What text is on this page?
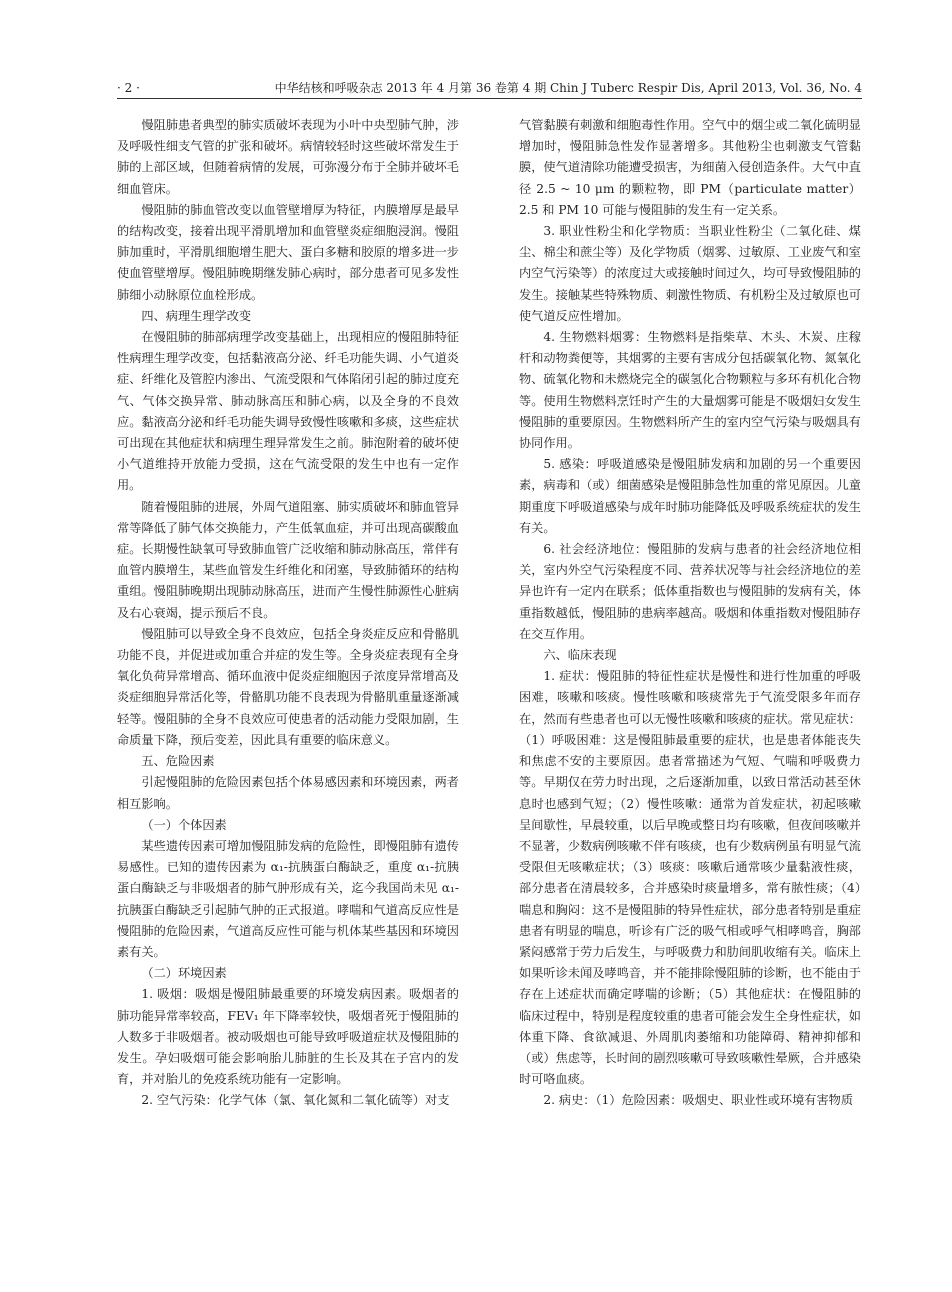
· 2 ·	中华结核和呼吸杂志 2013 年 4 月第 36 卷第 4 期 Chin J Tuberc Respir Dis, April 2013, Vol. 36, No. 4

慢阻肺患者典型的肺实质破坏表现为小叶中央型肺气肿，涉及呼吸性细支气管的扩张和破坏。病情较轻时这些破坏常发生于肺的上部区域，但随着病情的发展，可弥漫分布于全肺并破坏毛细血管床。

慢阻肺的肺血管改变以血管壁增厚为特征，内膜增厚是最早的结构改变，接着出现平滑肌增加和血管壁炎症细胞浸润。慢阻肺加重时，平滑肌细胞增生肥大、蛋白多糖和胶原的增多进一步使血管壁增厚。慢阻肺晚期继发肺心病时，部分患者可见多发性肺细小动脉原位血栓形成。

四、病理生理学改变

在慢阻肺的肺部病理学改变基础上，出现相应的慢阻肺特征性病理生理学改变，包括黏液高分泌、纤毛功能失调、小气道炎症、纤维化及管腔内渗出、气流受限和气体陷闭引起的肺过度充气、气体交换异常、肺动脉高压和肺心病，以及全身的不良效应。黏液高分泌和纤毛功能失调导致慢性咳嗽和多痰，这些症状可出现在其他症状和病理生理异常发生之前。肺泡附着的破坏使小气道维持开放能力受损，这在气流受限的发生中也有一定作用。

随着慢阻肺的进展，外周气道阻塞、肺实质破坏和肺血管异常等降低了肺气体交换能力，产生低氧血症，并可出现高碳酸血症。长期慢性缺氧可导致肺血管广泛收缩和肺动脉高压，常伴有血管内膜增生，某些血管发生纤维化和闭塞，导致肺循环的结构重组。慢阻肺晚期出现肺动脉高压，进而产生慢性肺源性心脏病及右心衰竭，提示预后不良。

慢阻肺可以导致全身不良效应，包括全身炎症反应和骨骼肌功能不良，并促进或加重合并症的发生等。全身炎症表现有全身氧化负荷异常增高、循环血液中促炎症细胞因子浓度异常增高及炎症细胞异常活化等，骨骼肌功能不良表现为骨骼肌重量逐渐减轻等。慢阻肺的全身不良效应可使患者的活动能力受限加剧，生命质量下降，预后变差，因此具有重要的临床意义。

五、危险因素

引起慢阻肺的危险因素包括个体易感因素和环境因素，两者相互影响。

（一）个体因素

某些遗传因素可增加慢阻肺发病的危险性，即慢阻肺有遗传易感性。已知的遗传因素为 α₁-抗胰蛋白酶缺乏，重度 α₁-抗胰蛋白酶缺乏与非吸烟者的肺气肿形成有关，迄今我国尚未见 α₁-抗胰蛋白酶缺乏引起肺气肿的正式报道。哮喘和气道高反应性是慢阻肺的危险因素，气道高反应性可能与机体某些基因和环境因素有关。

（二）环境因素

1. 吸烟：吸烟是慢阻肺最重要的环境发病因素。吸烟者的肺功能异常率较高，FEV₁ 年下降率较快，吸烟者死于慢阻肺的人数多于非吸烟者。被动吸烟也可能导致呼吸道症状及慢阻肺的发生。孕妇吸烟可能会影响胎儿肺脏的生长及其在子宫内的发育，并对胎儿的免疫系统功能有一定影响。

2. 空气污染：化学气体（氯、氧化氮和二氧化硫等）对支

气管黏膜有刺激和细胞毒性作用。空气中的烟尘或二氧化硫明显增加时，慢阻肺急性发作显著增多。其他粉尘也刺激支气管黏膜，使气道清除功能遭受损害，为细菌入侵创造条件。大气中直径 2.5 ~ 10 μm 的颗粒物，即 PM（particulate matter）2.5 和 PM 10 可能与慢阻肺的发生有一定关系。

3. 职业性粉尘和化学物质：当职业性粉尘（二氧化硅、煤尘、棉尘和蔗尘等）及化学物质（烟雾、过敏原、工业废气和室内空气污染等）的浓度过大或接触时间过久，均可导致慢阻肺的发生。接触某些特殊物质、刺激性物质、有机粉尘及过敏原也可使气道反应性增加。

4. 生物燃料烟雾：生物燃料是指柴草、木头、木炭、庄稼杆和动物粪便等，其烟雾的主要有害成分包括碳氧化物、氮氧化物、硫氧化物和未燃烧完全的碳氢化合物颗粒与多环有机化合物等。使用生物燃料烹饪时产生的大量烟雾可能是不吸烟妇女发生慢阻肺的重要原因。生物燃料所产生的室内空气污染与吸烟具有协同作用。

5. 感染：呼吸道感染是慢阻肺发病和加剧的另一个重要因素，病毒和（或）细菌感染是慢阻肺急性加重的常见原因。儿童期重度下呼吸道感染与成年时肺功能降低及呼吸系统症状的发生有关。

6. 社会经济地位：慢阻肺的发病与患者的社会经济地位相关，室内外空气污染程度不同、营养状况等与社会经济地位的差异也许有一定内在联系；低体重指数也与慢阻肺的发病有关，体重指数越低，慢阻肺的患病率越高。吸烟和体重指数对慢阻肺存在交互作用。

六、临床表现

1. 症状：慢阻肺的特征性症状是慢性和进行性加重的呼吸困难，咳嗽和咳痰。慢性咳嗽和咳痰常先于气流受限多年而存在，然而有些患者也可以无慢性咳嗽和咳痰的症状。常见症状：（1）呼吸困难：这是慢阻肺最重要的症状，也是患者体能丧失和焦虑不安的主要原因。患者常描述为气短、气喘和呼吸费力等。早期仅在劳力时出现，之后逐渐加重，以致日常活动甚至休息时也感到气短；（2）慢性咳嗽：通常为首发症状，初起咳嗽呈间歇性，早晨较重，以后早晚或整日均有咳嗽，但夜间咳嗽并不显著，少数病例咳嗽不伴有咳痰，也有少数病例虽有明显气流受限但无咳嗽症状；（3）咳痰：咳嗽后通常咳少量黏液性痰，部分患者在清晨较多，合并感染时痰量增多，常有脓性痰；（4）喘息和胸闷：这不是慢阻肺的特异性症状，部分患者特别是重症患者有明显的喘息，听诊有广泛的吸气相或呼气相哮鸣音，胸部紧闷感常于劳力后发生，与呼吸费力和肋间肌收缩有关。临床上如果听诊未闻及哮鸣音，并不能排除慢阻肺的诊断，也不能由于存在上述症状而确定哮喘的诊断；（5）其他症状：在慢阻肺的临床过程中，特别是程度较重的患者可能会发生全身性症状，如体重下降、食欲减退、外周肌肉萎缩和功能障碍、精神抑郁和（或）焦虑等，长时间的剧烈咳嗽可导致咳嗽性晕厥，合并感染时可咯血痰。

2. 病史：（1）危险因素：吸烟史、职业性或环境有害物质
